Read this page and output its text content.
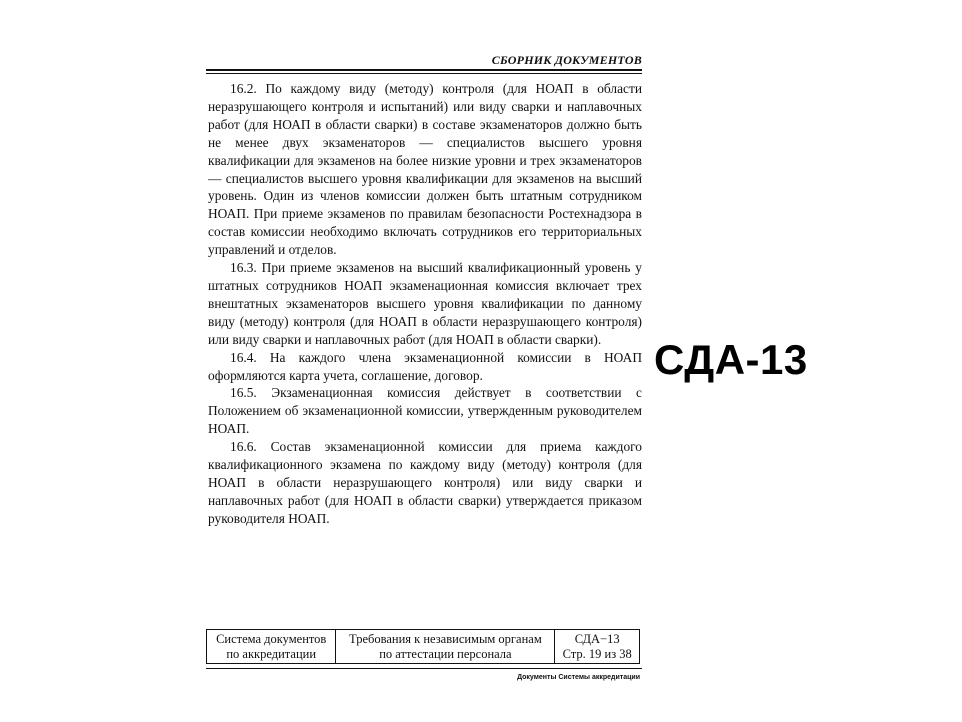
СБОРНИК ДОКУМЕНТОВ

16.2. По каждому виду (методу) контроля (для НОАП в области неразрушающего контроля и испытаний) или виду сварки и наплавочных работ (для НОАП в области сварки) в составе экзаменаторов должно быть не менее двух экзаменаторов — специалистов высшего уровня квалификации для экзаменов на более низкие уровни и трех экзаменаторов — специалистов высшего уровня квалификации для экзаменов на высший уровень. Один из членов комиссии должен быть штатным сотрудником НОАП. При приеме экзаменов по правилам безопасности Ростехнадзора в состав комиссии необходимо включать сотрудников его территориальных управлений и отделов.

16.3. При приеме экзаменов на высший квалификационный уровень у штатных сотрудников НОАП экзаменационная комиссия включает трех внештатных экзаменаторов высшего уровня квалификации по данному виду (методу) контроля (для НОАП в области неразрушающего контроля) или виду сварки и наплавочных работ (для НОАП в области сварки).

16.4. На каждого члена экзаменационной комиссии в НОАП оформляются карта учета, соглашение, договор.

16.5. Экзаменационная комиссия действует в соответствии с Положением об экзаменационной комиссии, утвержденным руководителем НОАП.

16.6. Состав экзаменационной комиссии для приема каждого квалификационного экзамена по каждому виду (методу) контроля (для НОАП в области неразрушающего контроля) или виду сварки и наплавочных работ (для НОАП в области сварки) утверждается приказом руководителя НОАП.

СДА-13
Система документов
по аккредитации
Требования к независимым органам
по аттестации персонала
СДА−13
Стр. 19 из 38
Документы Системы аккредитации
